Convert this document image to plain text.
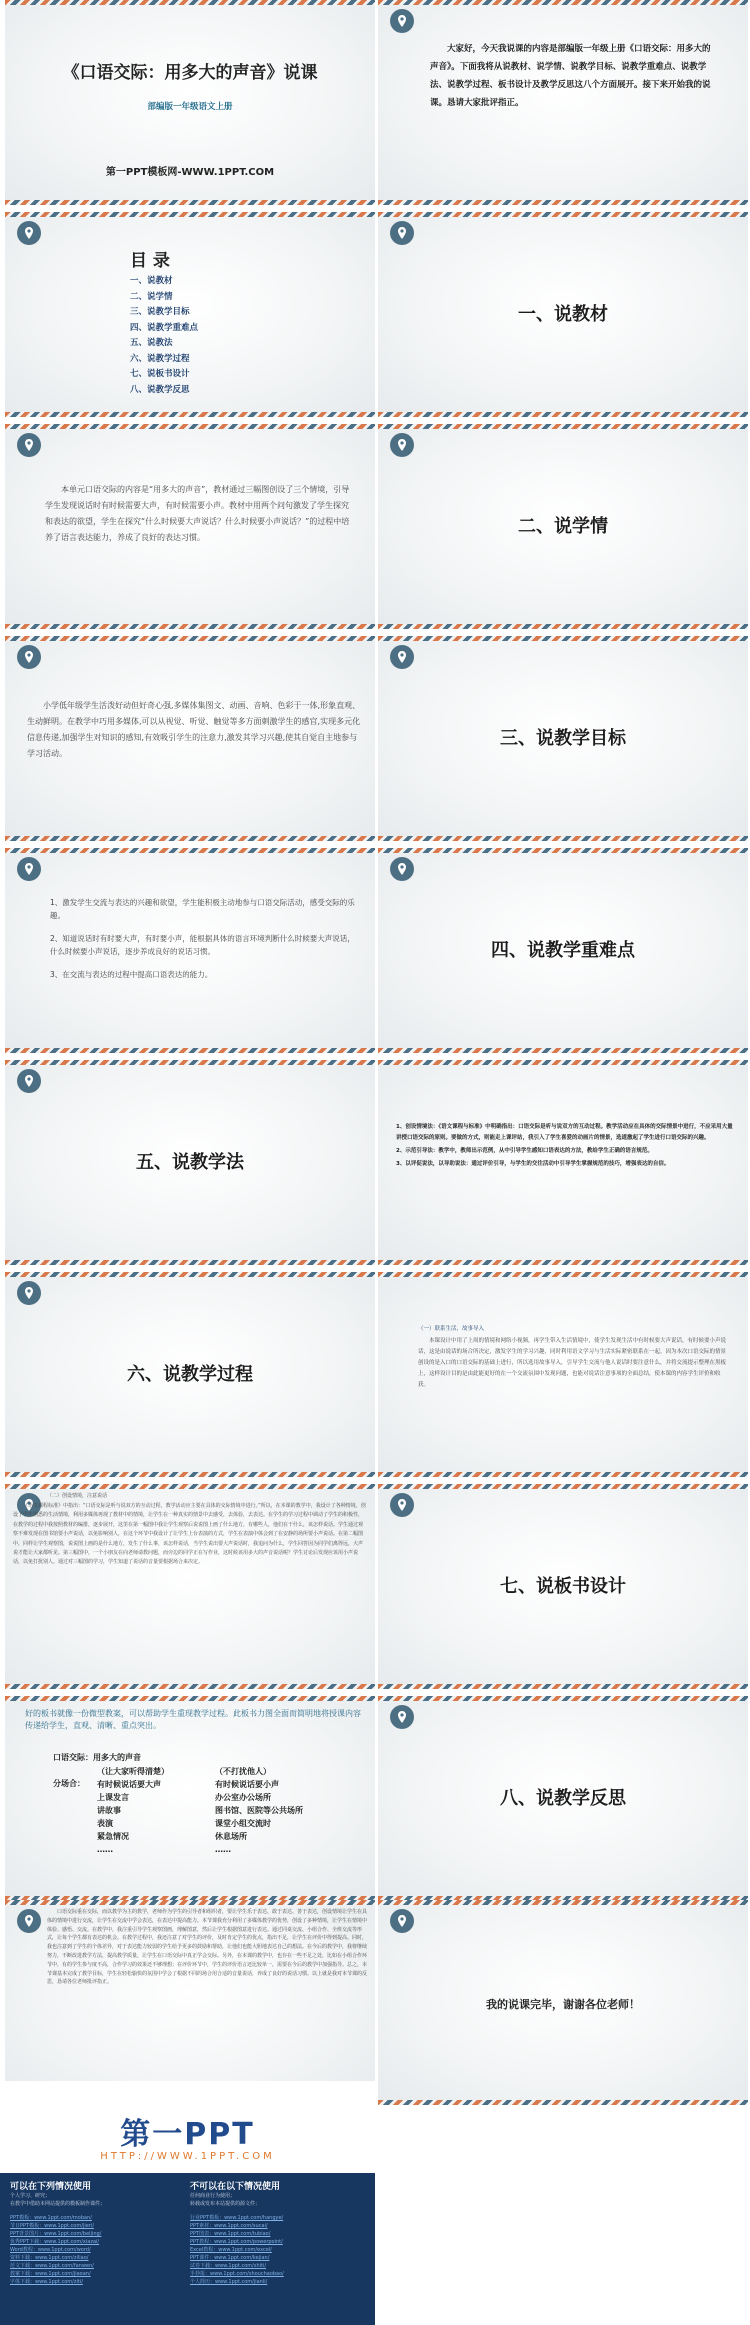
《口语交际：用多大的声音》说课
部编版一年级语文上册
第一PPT模板网-WWW.1PPT.COM
大家好，今天我说课的内容是部编版一年级上册《口语交际：用多大的声音》。下面我将从说教材、说学情、说教学目标、说教学重难点、说教学法、说教学过程、板书设计及教学反思这八个方面展开。接下来开始我的说课。恳请大家批评指正。
目 录
一、说教材
二、说学情
三、说教学目标
四、说教学重难点
五、说教法
六、说教学过程
七、说板书设计
八、说教学反思
一、说教材
本单元口语交际的内容是“用多大的声音”，教材通过三幅图创设了三个情境，引导学生发现说话时有时候需要大声，有时候需要小声。教材中用两个问句激发了学生探究和表达的欲望，学生在探究“什么时候要大声说话？什么时候要小声说话？”的过程中培养了语言表达能力，养成了良好的表达习惯。
二、说学情
小学低年级学生活泼好动但好奇心强,多媒体集图文、动画、音响、色彩于一体,形象直观、生动鲜明。在教学中巧用多媒体,可以从视觉、听觉、触觉等多方面刺激学生的感官,实现多元化信息传递,加强学生对知识的感知,有效吸引学生的注意力,激发其学习兴趣,使其自觉自主地参与学习活动。
三、说教学目标
1、激发学生交流与表达的兴趣和欲望，学生能积极主动地参与口语交际活动，感受交际的乐趣。
2、知道说话时有时要大声，有时要小声，能根据具体的语言环境判断什么时候要大声说话，什么时候要小声说话，逐步养成良好的说话习惯。
3、在交流与表达的过程中提高口语表达的能力。
四、说教学重难点
五、说教学法
1、创设情境法：《语文课程与标准》中明确指出：口语交际是听与说双方的互动过程。教学活动应在具体的交际情景中进行，不应采用大量讲授口语交际的原则。要做的方式，则能走上课评站，我引入了学生喜爱的动画片的情景，选道激起了学生进行口语交际的兴趣。
2、示范引导法：教学中，教师出示范例，从中引导学生感知口语表达的方法，教给学生正确的语言规范。
3、以评促说法，以导助说法：通过评价引导，与学生的交往活动中引导学生掌握规范的技巧，增强表达的自信。
六、说教学过程
（一）联系生活，故事导入
本课设计中用了上周的情境和网络小视频，再学生带入生活情境中，使学生发现生活中有时候要大声说话，有时候要小声说话，这是由说话的场合所决定，激发学生的学习兴趣，同时利用语文学习与生活实际紧密联系在一起。因为本次口语交际的情景创设的是入口的口语交际的基础上进行，所以选用故事导入，引导学生交流与他人说话时要注意什么，并将交流提示整理在黑板上，这样设计目的是由此能更好的在一个交流氛围中发现问题，也能对说话注意事项的全面总结，使本课的内容学生评价和收获。
（二）创设情境，注意说话
《语文课程标准》中指出：“口语交际是听与说双方的互动过程，教学活动应主要在具体的交际情境中进行。”所以，在本课的教学中，我设计了各种情境，创设了学生熟悉的生活情境，利用多媒体再现了教材中的情境，让学生在一种真实的情景中去感受，去体验，去表达。在学生的学习过程中调动了学生的积极性，在教学的过程中我按照教材的编排，逐步展开，这里在第一幅图中我让学生观察后说说图上画了什么地方，有哪些人，他们在干什么，该怎样说话。学生通过观察不难发现在图书馆要小声说话，以免影响别人，在这个环节中我设计了让学生上台表演的方式，学生在表演中体会到了在安静的场所要小声说话。在第二幅图中，同样让学生观察图，说说图上画的是什么地方，发生了什么事，该怎样说话，当学生说出要大声说话时，我追问为什么，学生回答因为同学们离得远，大声说才能让大家都听见。第三幅图中，一个小朋友在向老师请教问题，而旁边的同学正在写作业，这时候该用多大的声音说话呢？学生讨论后发现应该用小声说话，以免打扰别人。通过对三幅图的学习，学生知道了说话的音量要根据场合来决定。
七、说板书设计
好的板书就像一份微型教案，可以帮助学生重现教学过程。此板书力图全面而简明地将授课内容传递给学生，直观、清晰、重点突出。
口语交际：用多大的声音
分场合：
（让大家听得清楚）
有时候说话要大声
上课发言
讲故事
表演
紧急情况
……
（不打扰他人）
有时候说话要小声
办公室办公场所
图书馆、医院等公共场所
课堂小组交流时
休息场所
……
八、说教学反思
口语交际重在交际，而以教学为主的教学，老师作为学生的引导者和组织者，要让学生乐于表达、敢于表达、善于表达，创设情境让学生在具体的情境中进行交流，让学生在交流中学会表达，在表达中提高能力。本节课我充分利用了多媒体教学的优势，创设了多种情境，让学生在情境中体验、感悟、交流。在教学中，我注重引导学生观察图画，理解图意，然后让学生根据图意进行表达。通过同桌交流、小组合作、全班交流等形式，让每个学生都有表达的机会。在教学过程中，我还注意了对学生的评价，及时肯定学生的优点，指出不足，让学生在评价中得到提高。同时，我也注意到了学生的个体差异，对于表达能力较弱的学生给予更多的鼓励和帮助，让他们也能大胆地表达自己的想法。在今后的教学中，我将继续努力，不断改进教学方法，提高教学质量，让学生在口语交际中真正学会交际。另外，在本课的教学中，也存在一些不足之处，比如在小组合作环节中，有的学生参与度不高，合作学习的效果还不够理想；在评价环节中，学生的评价语言还比较单一，需要在今后的教学中加强指导。总之，本节课基本完成了教学目标，学生在轻松愉快的氛围中学会了根据不同的场合用合适的音量说话，养成了良好的说话习惯。以上就是我对本节课的反思，恳请各位老师批评指正。
我的说课完毕，谢谢各位老师！
第一PPT
HTTP://WWW.1PPT.COM
可以在下列情况使用
个人学习、研究；
在教学中借助本网站提供的模板制作课件；
PPT模板：www.1ppt.com/moban/
节日PPT模板：www.1ppt.com/jieri/
PPT背景图片：www.1ppt.com/beijing/
优秀PPT下载：www.1ppt.com/xiazai/
Word教程：www.1ppt.com/word/
资料下载：www.1ppt.com/ziliao/
范文下载：www.1ppt.com/fanwen/
教案下载：www.1ppt.com/jiaoan/
字体下载：www.1ppt.com/ziti/
不可以在以下情况使用
任何商业行为使用；
转载或发布本站提供的源文件；
行业PPT模板：www.1ppt.com/hangye/
PPT素材：www.1ppt.com/sucai/
PPT图表：www.1ppt.com/tubiao/
PPT教程：www.1ppt.com/powerpoint/
Excel教程：www.1ppt.com/excel/
PPT课件：www.1ppt.com/kejian/
试卷下载：www.1ppt.com/shiti/
手抄报：www.1ppt.com/shouchaobao/
个人简历：www.1ppt.com/jianli/
